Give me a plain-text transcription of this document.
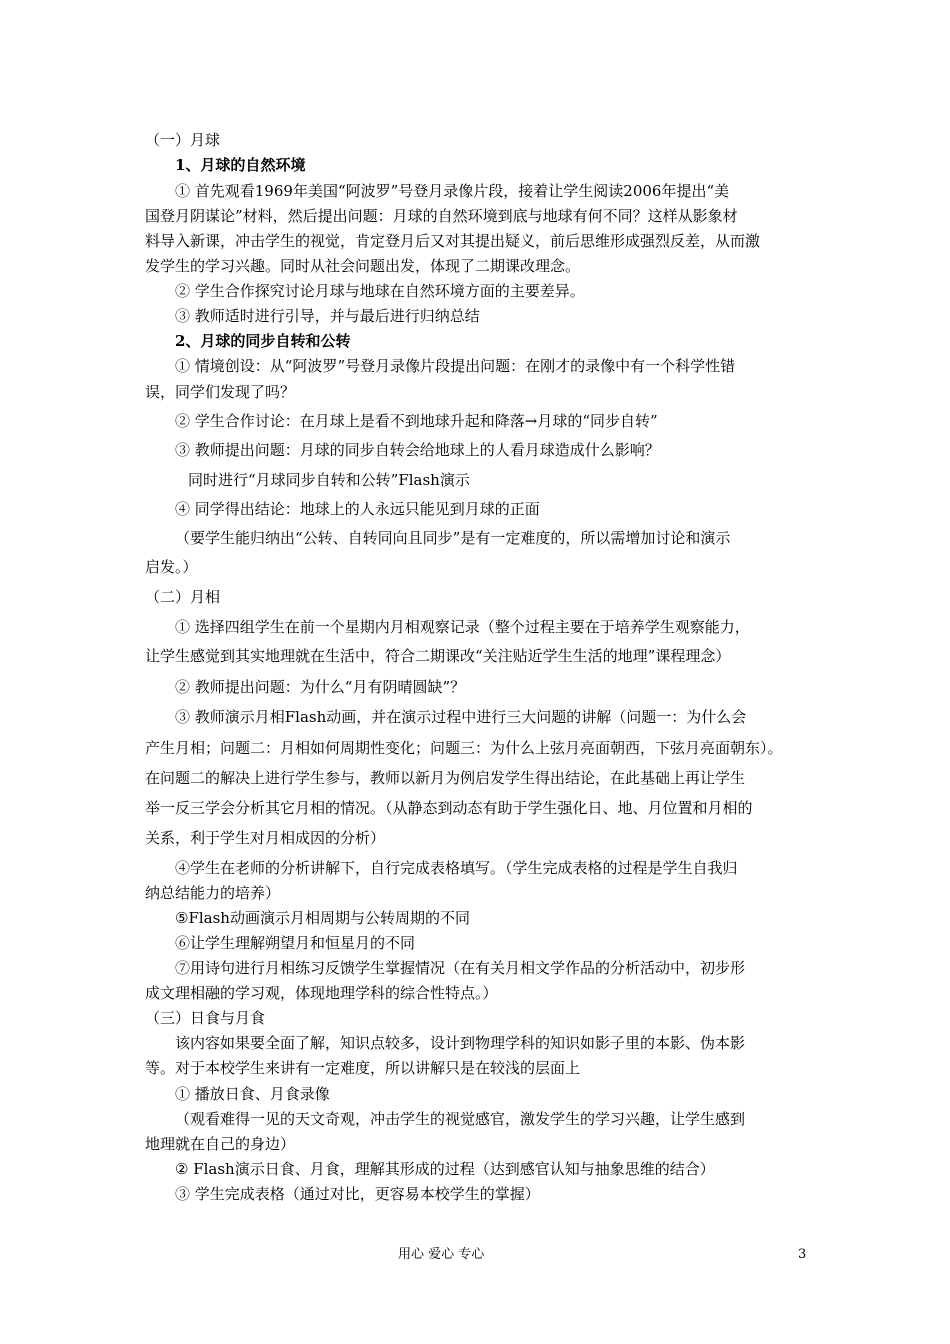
（一）月球
1、月球的自然环境
① 首先观看1969年美国“阿波罗”号登月录像片段，接着让学生阅读2006年提出“美
国登月阴谋论”材料，然后提出问题：月球的自然环境到底与地球有何不同？这样从影象材
料导入新课，冲击学生的视觉，肯定登月后又对其提出疑义，前后思维形成强烈反差，从而激
发学生的学习兴趣。同时从社会问题出发，体现了二期课改理念。
② 学生合作探究讨论月球与地球在自然环境方面的主要差异。
③ 教师适时进行引导，并与最后进行归纳总结
2、月球的同步自转和公转
① 情境创设：从“阿波罗”号登月录像片段提出问题：在刚才的录像中有一个科学性错
误，同学们发现了吗？
② 学生合作讨论：在月球上是看不到地球升起和降落→月球的“同步自转”
③ 教师提出问题：月球的同步自转会给地球上的人看月球造成什么影响？
同时进行“月球同步自转和公转”Flash演示
④ 同学得出结论：地球上的人永远只能见到月球的正面
（要学生能归纳出“公转、自转同向且同步”是有一定难度的，所以需增加讨论和演示
启发。）
（二）月相
① 选择四组学生在前一个星期内月相观察记录（整个过程主要在于培养学生观察能力，
让学生感觉到其实地理就在生活中，符合二期课改“关注贴近学生生活的地理”课程理念）
② 教师提出问题：为什么“月有阴晴圆缺”？
③ 教师演示月相Flash动画，并在演示过程中进行三大问题的讲解（问题一：为什么会
产生月相；问题二：月相如何周期性变化；问题三：为什么上弦月亮面朝西，下弦月亮面朝东）。
在问题二的解决上进行学生参与，教师以新月为例启发学生得出结论，在此基础上再让学生
举一反三学会分析其它月相的情况。（从静态到动态有助于学生强化日、地、月位置和月相的
关系，利于学生对月相成因的分析）
④学生在老师的分析讲解下，自行完成表格填写。（学生完成表格的过程是学生自我归
纳总结能力的培养）
⑤Flash动画演示月相周期与公转周期的不同
⑥让学生理解朔望月和恒星月的不同
⑦用诗句进行月相练习反馈学生掌握情况（在有关月相文学作品的分析活动中，初步形
成文理相融的学习观，体现地理学科的综合性特点。）
（三）日食与月食
该内容如果要全面了解，知识点较多，设计到物理学科的知识如影子里的本影、伪本影
等。对于本校学生来讲有一定难度，所以讲解只是在较浅的层面上
① 播放日食、月食录像
（观看难得一见的天文奇观，冲击学生的视觉感官，激发学生的学习兴趣，让学生感到
地理就在自己的身边）
② Flash演示日食、月食，理解其形成的过程（达到感官认知与抽象思维的结合）
③ 学生完成表格（通过对比，更容易本校学生的掌握）
用心 爱心 专心	3
